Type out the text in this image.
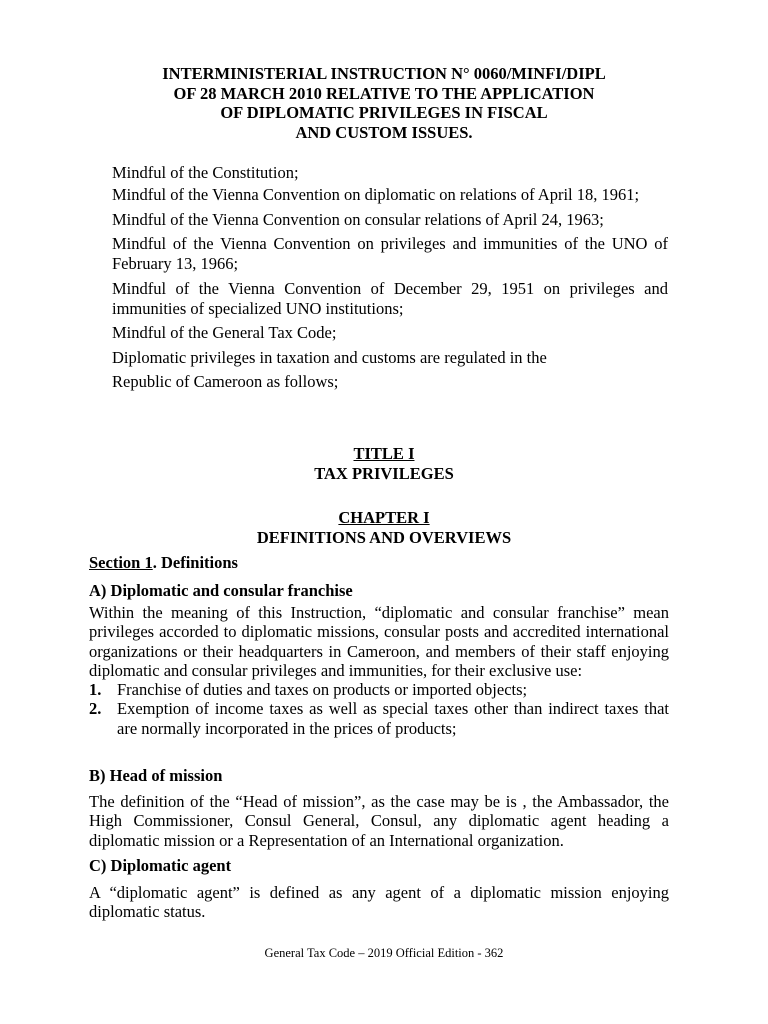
INTERMINISTERIAL INSTRUCTION N° 0060/MINFI/DIPL
OF 28 MARCH 2010 RELATIVE TO THE APPLICATION
OF DIPLOMATIC PRIVILEGES IN FISCAL
AND CUSTOM ISSUES.

Mindful of the Constitution;

Mindful of the Vienna Convention on diplomatic on relations of April 18, 1961;

Mindful of the Vienna Convention on consular relations of April 24, 1963;

Mindful of the Vienna Convention on privileges and immunities of the UNO of February 13, 1966;

Mindful of the Vienna Convention of December 29, 1951 on privileges and immunities of specialized UNO institutions;

Mindful of the General Tax Code;

Diplomatic privileges in taxation and customs are regulated in the

Republic of Cameroon as follows;

TITLE I
TAX PRIVILEGES
CHAPTER I
DEFINITIONS AND OVERVIEWS
Section 1. Definitions
A) Diplomatic and consular franchise

Within the meaning of this Instruction, “diplomatic and consular franchise” mean privileges accorded to diplomatic missions, consular posts and accredited international organizations or their headquarters in Cameroon, and members of their staff enjoying diplomatic and consular privileges and immunities, for their exclusive use:

1. Franchise of duties and taxes on products or imported objects;
2. Exemption of income taxes as well as special taxes other than indirect taxes that are normally incorporated in the prices of products;
B) Head of mission

The definition of the “Head of mission”, as the case may be is , the Ambassador, the High Commissioner, Consul General, Consul, any diplomatic agent heading a diplomatic mission or a Representation of an International organization.

C) Diplomatic agent

A “diplomatic agent” is defined as any agent of a diplomatic mission enjoying diplomatic status.

General Tax Code – 2019 Official Edition - 362
